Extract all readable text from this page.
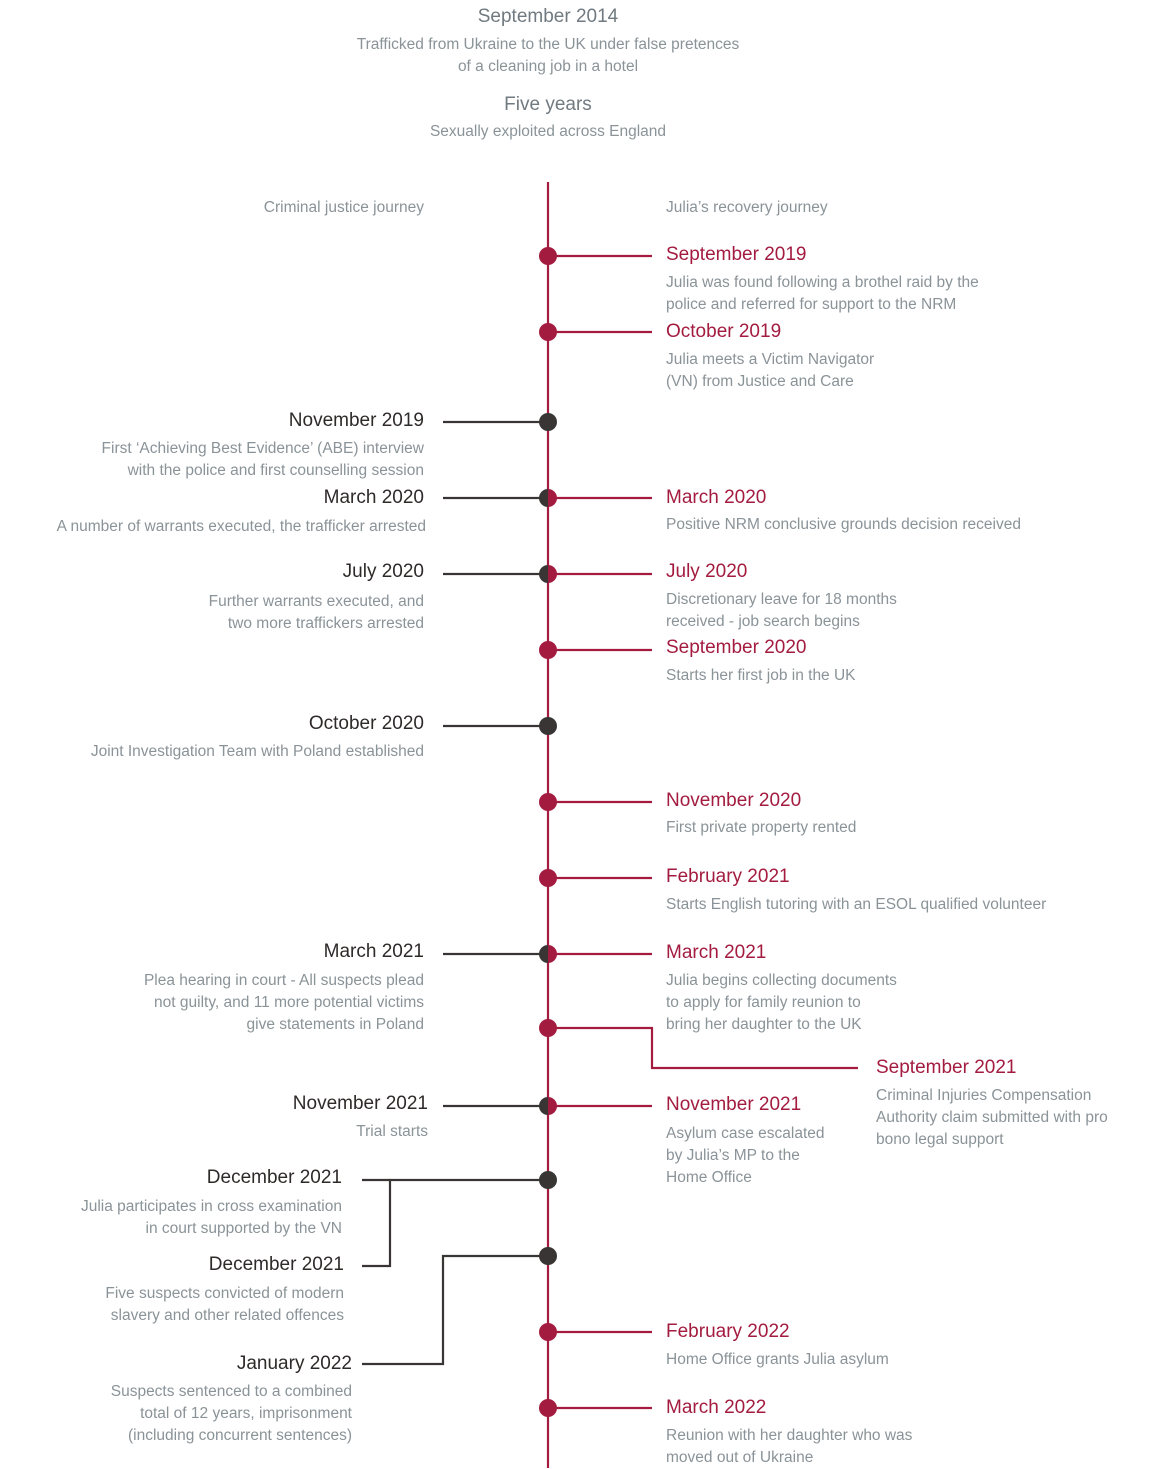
September 2014
Trafficked from Ukraine to the UK under false pretences
of a cleaning job in a hotel
Five years
Sexually exploited across England
Criminal justice journey	Julia’s recovery journey
September 2019
Julia was found following a brothel raid by the
police and referred for support to the NRM
October 2019
Julia meets a Victim Navigator
(VN) from Justice and Care
March 2020
Positive NRM conclusive grounds decision received
July 2020
Discretionary leave for 18 months
received - job search begins
September 2020
Starts her first job in the UK
November 2020
First private property rented
February 2021
Starts English tutoring with an ESOL qualified volunteer
March 2021
Julia begins collecting documents
to apply for family reunion to
bring her daughter to the UK
September 2021
Criminal Injuries Compensation
Authority claim submitted with pro
bono legal support
November 2021
Asylum case escalated
by Julia’s MP to the
Home Office
February 2022
Home Office grants Julia asylum
March 2022
Reunion with her daughter who was
moved out of Ukraine
November 2019
First ‘Achieving Best Evidence’ (ABE) interview
with the police and first counselling session
March 2020
A number of warrants executed, the trafficker arrested
July 2020
Further warrants executed, and
two more traffickers arrested
October 2020
Joint Investigation Team with Poland established
March 2021
Plea hearing in court - All suspects plead
not guilty, and 11 more potential victims
give statements in Poland
November 2021
Trial starts
December 2021
Julia participates in cross examination
in court supported by the VN
December 2021
Five suspects convicted of modern
slavery and other related offences
January 2022
Suspects sentenced to a combined
total of 12 years, imprisonment
(including concurrent sentences)
